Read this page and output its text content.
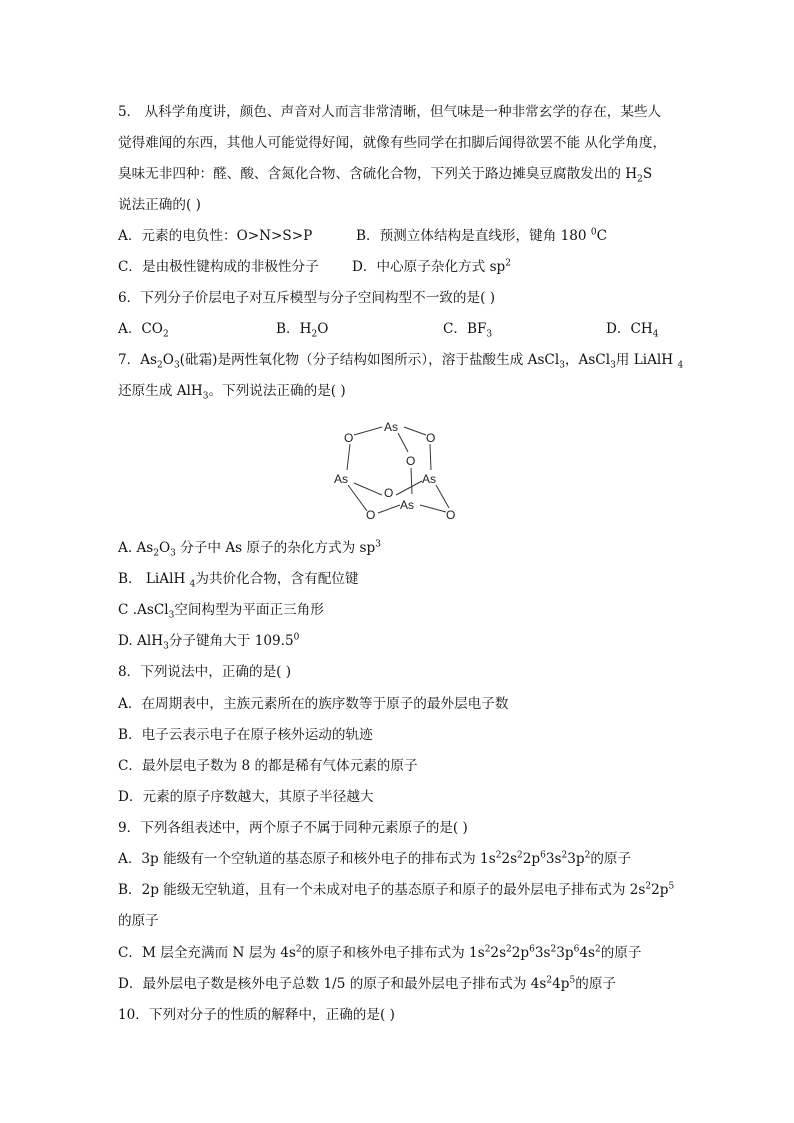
5． 从科学角度讲，颜色、声音对人而言非常清晰，但气味是一种非常玄学的存在，某些人
觉得难闻的东西，其他人可能觉得好闻，就像有些同学在扣脚后闻得欲罢不能 从化学角度，
臭味无非四种：醛、酸、含氮化合物、含硫化合物，下列关于路边摊臭豆腐散发出的 $H_2S$
说法正确的( )
A．元素的电负性：O>N>S>P	B．预测立体结构是直线形，键角 180 $^0$C
C．是由极性键构成的非极性分子 D．中心原子杂化方式 $sp^2$
6．下列分子价层电子对互斥模型与分子空间构型不一致的是( )
A．$CO_2$	B．$H_2O$	C．$BF_3$	D．$CH_4$
7．$As_2O_3$(砒霜)是两性氧化物（分子结构如图所示），溶于盐酸生成 AsCl$_3$，AsCl$_3$用 LiAlH $_4$
还原生成 AlH$_3$。下列说法正确的是( )
O
As
O
O
As	As
O
O
As
O
A. $As_2O_3$ 分子中 As 原子的杂化方式为 $sp^3$
B． LiAlH $_4$为共价化合物，含有配位键
C .AsCl$_3$空间构型为平面正三角形
D. AlH$_3$分子键角大于 109.5$^0$
8．下列说法中，正确的是( )
A．在周期表中，主族元素所在的族序数等于原子的最外层电子数
B．电子云表示电子在原子核外运动的轨迹
C．最外层电子数为 8 的都是稀有气体元素的原子
D．元素的原子序数越大，其原子半径越大
9．下列各组表述中，两个原子不属于同种元素原子的是( )
A．3p 能级有一个空轨道的基态原子和核外电子的排布式为 $1s^22s^22p^63s^23p^2$的原子
B．2p 能级无空轨道，且有一个未成对电子的基态原子和原子的最外层电子排布式为 $2s^22p^5$
的原子
C．M 层全充满而 N 层为 $4s^2$的原子和核外电子排布式为 $1s^22s^22p^63s^23p^64s^2$的原子
D．最外层电子数是核外电子总数 1/5 的原子和最外层电子排布式为 $4s^24p^5$的原子
10．下列对分子的性质的解释中，正确的是( )
